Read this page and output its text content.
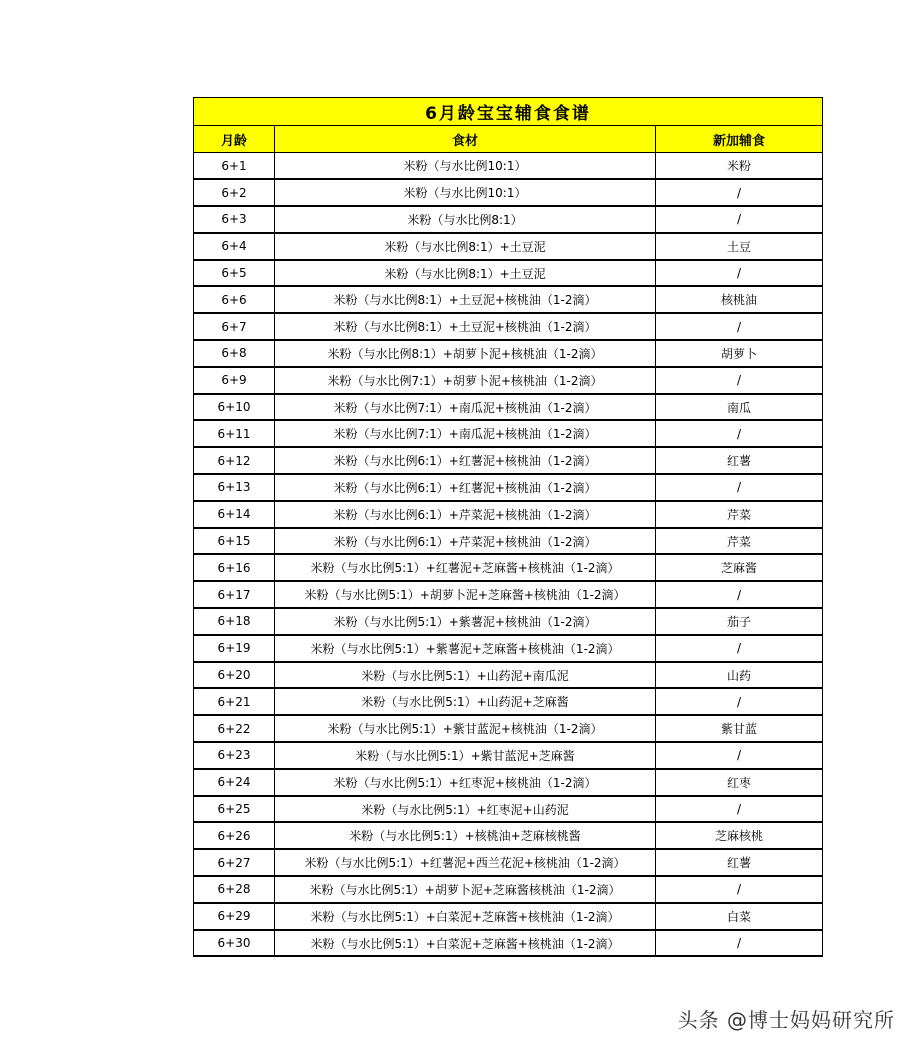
6月龄宝宝辅食食谱		
月龄	食材	新加辅食
6+1	米粉（与水比例10:1）	米粉
6+2	米粉（与水比例10:1）	/
6+3	米粉（与水比例8:1）	/
6+4	米粉（与水比例8:1）+土豆泥	土豆
6+5	米粉（与水比例8:1）+土豆泥	/
6+6	米粉（与水比例8:1）+土豆泥+核桃油（1-2滴）	核桃油
6+7	米粉（与水比例8:1）+土豆泥+核桃油（1-2滴）	/
6+8	米粉（与水比例8:1）+胡萝卜泥+核桃油（1-2滴）	胡萝卜
6+9	米粉（与水比例7:1）+胡萝卜泥+核桃油（1-2滴）	/
6+10	米粉（与水比例7:1）+南瓜泥+核桃油（1-2滴）	南瓜
6+11	米粉（与水比例7:1）+南瓜泥+核桃油（1-2滴）	/
6+12	米粉（与水比例6:1）+红薯泥+核桃油（1-2滴）	红薯
6+13	米粉（与水比例6:1）+红薯泥+核桃油（1-2滴）	/
6+14	米粉（与水比例6:1）+芹菜泥+核桃油（1-2滴）	芹菜
6+15	米粉（与水比例6:1）+芹菜泥+核桃油（1-2滴）	芹菜
6+16	米粉（与水比例5:1）+红薯泥+芝麻酱+核桃油（1-2滴）	芝麻酱
6+17	米粉（与水比例5:1）+胡萝卜泥+芝麻酱+核桃油（1-2滴）	/
6+18	米粉（与水比例5:1）+紫薯泥+核桃油（1-2滴）	茄子
6+19	米粉（与水比例5:1）+紫薯泥+芝麻酱+核桃油（1-2滴）	/
6+20	米粉（与水比例5:1）+山药泥+南瓜泥	山药
6+21	米粉（与水比例5:1）+山药泥+芝麻酱	/
6+22	米粉（与水比例5:1）+紫甘蓝泥+核桃油（1-2滴）	紫甘蓝
6+23	米粉（与水比例5:1）+紫甘蓝泥+芝麻酱	/
6+24	米粉（与水比例5:1）+红枣泥+核桃油（1-2滴）	红枣
6+25	米粉（与水比例5:1）+红枣泥+山药泥	/
6+26	米粉（与水比例5:1）+核桃油+芝麻核桃酱	芝麻核桃
6+27	米粉（与水比例5:1）+红薯泥+西兰花泥+核桃油（1-2滴）	红薯
6+28	米粉（与水比例5:1）+胡萝卜泥+芝麻酱核桃油（1-2滴）	/
6+29	米粉（与水比例5:1）+白菜泥+芝麻酱+核桃油（1-2滴）	白菜
6+30	米粉（与水比例5:1）+白菜泥+芝麻酱+核桃油（1-2滴）	/
头条 @博士妈妈研究所
